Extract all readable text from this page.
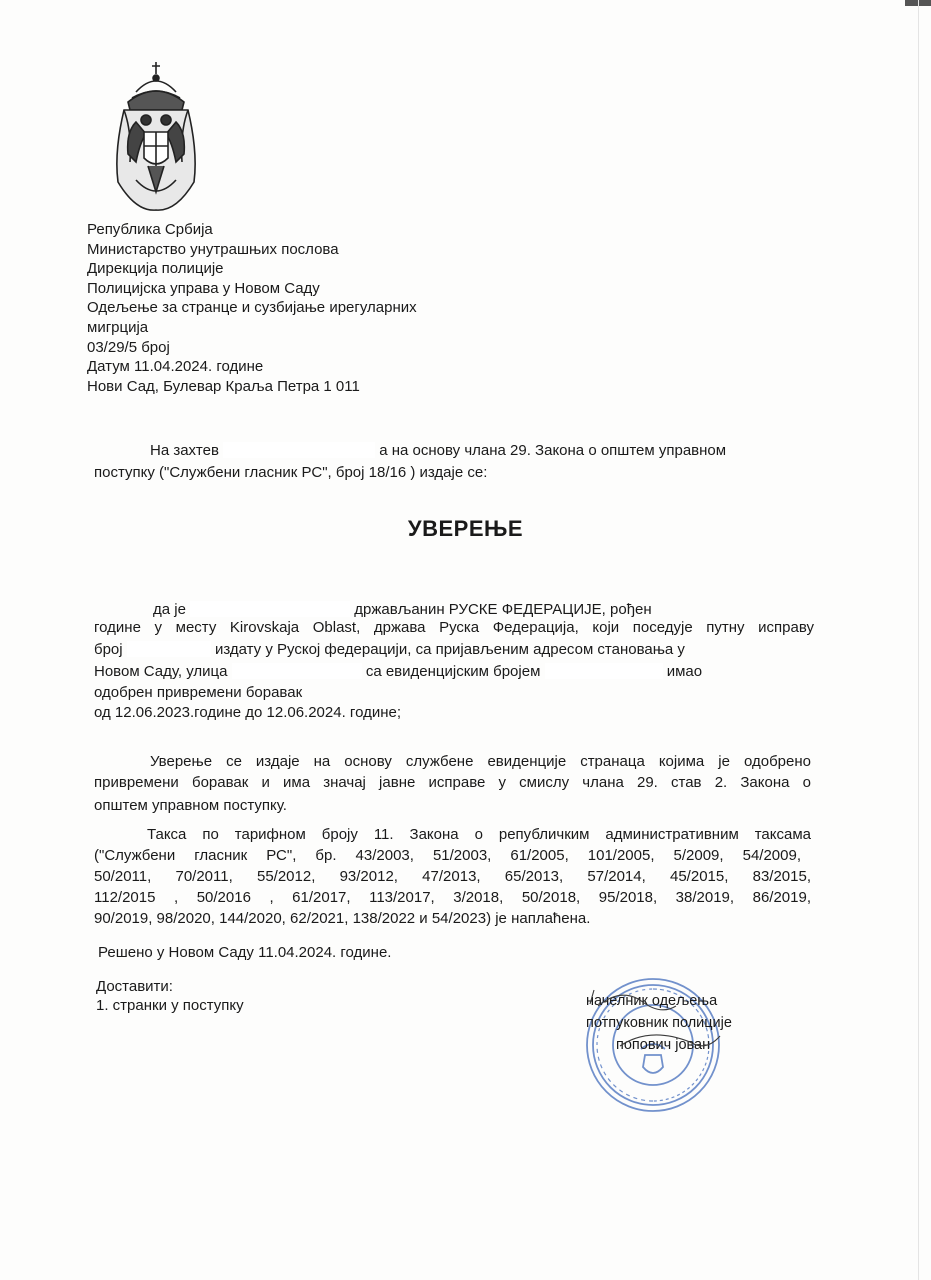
Република Србија
Министарство унутрашњих послова
Дирекција полиције
Полицијска управа у Новом Саду
Одељење за странце и сузбијање ирегуларних
мигрција
03/29/5 број
Датум 11.04.2024. године
Нови Сад, Булевар Краља Петра 1 011
На захтев	а на основу члана 29. Закона о општем управном
поступку ("Службени гласник РС", број 18/16 ) издаје се:
УВЕРЕЊЕ
да је	држављанин РУСКЕ ФЕДЕРАЦИЈЕ, рођен
године у месту Kirovskaja Oblast, држава Руска Федерација, који поседује путну исправу
број	издату у Руској федерацији, са пријављеним адресом становања у
Новом Саду, улица	са евиденцијским бројем	имао
одобрен привремени боравак
од 12.06.2023.године до 12.06.2024. године;
Уверење се издаје на основу службене евиденције странаца којима је одобрено
привремени боравак и има значај јавне исправе у смислу члана 29. став 2. Закона о
општем управном поступку.
Такса по тарифном броју 11. Закона о републичким административним таксама
("Службени гласник РС", бр. 43/2003, 51/2003, 61/2005, 101/2005, 5/2009, 54/2009,
50/2011, 70/2011, 55/2012, 93/2012, 47/2013, 65/2013, 57/2014, 45/2015, 83/2015,
112/2015 , 50/2016 , 61/2017, 113/2017, 3/2018, 50/2018, 95/2018, 38/2019, 86/2019,
90/2019, 98/2020, 144/2020, 62/2021, 138/2022 и 54/2023) је наплаћена.
Решено у Новом Саду 11.04.2024. године.
Доставити:
1. странки у поступку	начелник одељења
потпуковник полиције
попович јован
